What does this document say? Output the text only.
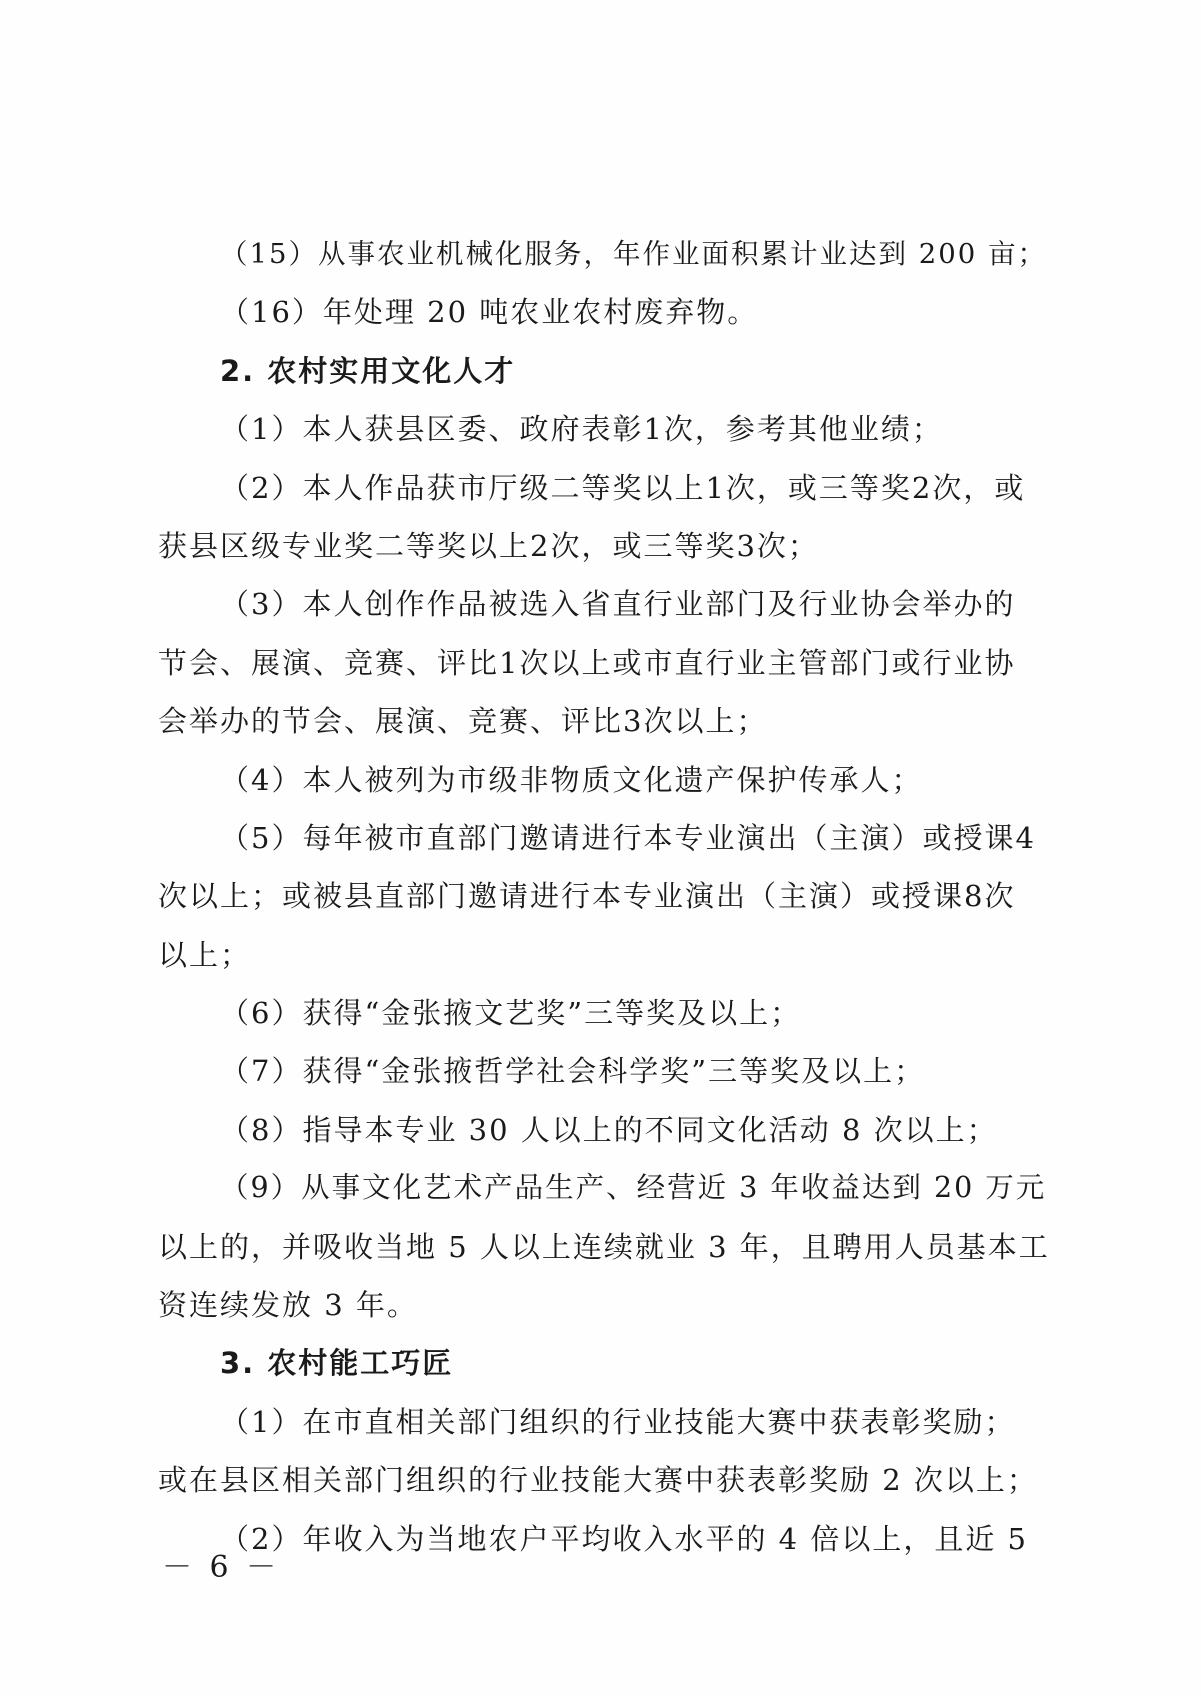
（15）从事农业机械化服务，年作业面积累计业达到 200 亩；
（16）年处理 20 吨农业农村废弃物。
2. 农村实用文化人才
（1）本人获县区委、政府表彰1次，参考其他业绩；
（2）本人作品获市厅级二等奖以上1次，或三等奖2次，或
获县区级专业奖二等奖以上2次，或三等奖3次；
（3）本人创作作品被选入省直行业部门及行业协会举办的
节会、展演、竞赛、评比1次以上或市直行业主管部门或行业协
会举办的节会、展演、竞赛、评比3次以上；
（4）本人被列为市级非物质文化遗产保护传承人；
（5）每年被市直部门邀请进行本专业演出（主演）或授课4
次以上；或被县直部门邀请进行本专业演出（主演）或授课8次
以上；
（6）获得“金张掖文艺奖”三等奖及以上；
（7）获得“金张掖哲学社会科学奖”三等奖及以上；
（8）指导本专业 30 人以上的不同文化活动 8 次以上；
（9）从事文化艺术产品生产、经营近 3 年收益达到 20 万元
以上的，并吸收当地 5 人以上连续就业 3 年，且聘用人员基本工
资连续发放 3 年。
3. 农村能工巧匠
（1）在市直相关部门组织的行业技能大赛中获表彰奖励；
或在县区相关部门组织的行业技能大赛中获表彰奖励 2 次以上；
（2）年收入为当地农户平均收入水平的 4 倍以上，且近 5
－ 6 －
